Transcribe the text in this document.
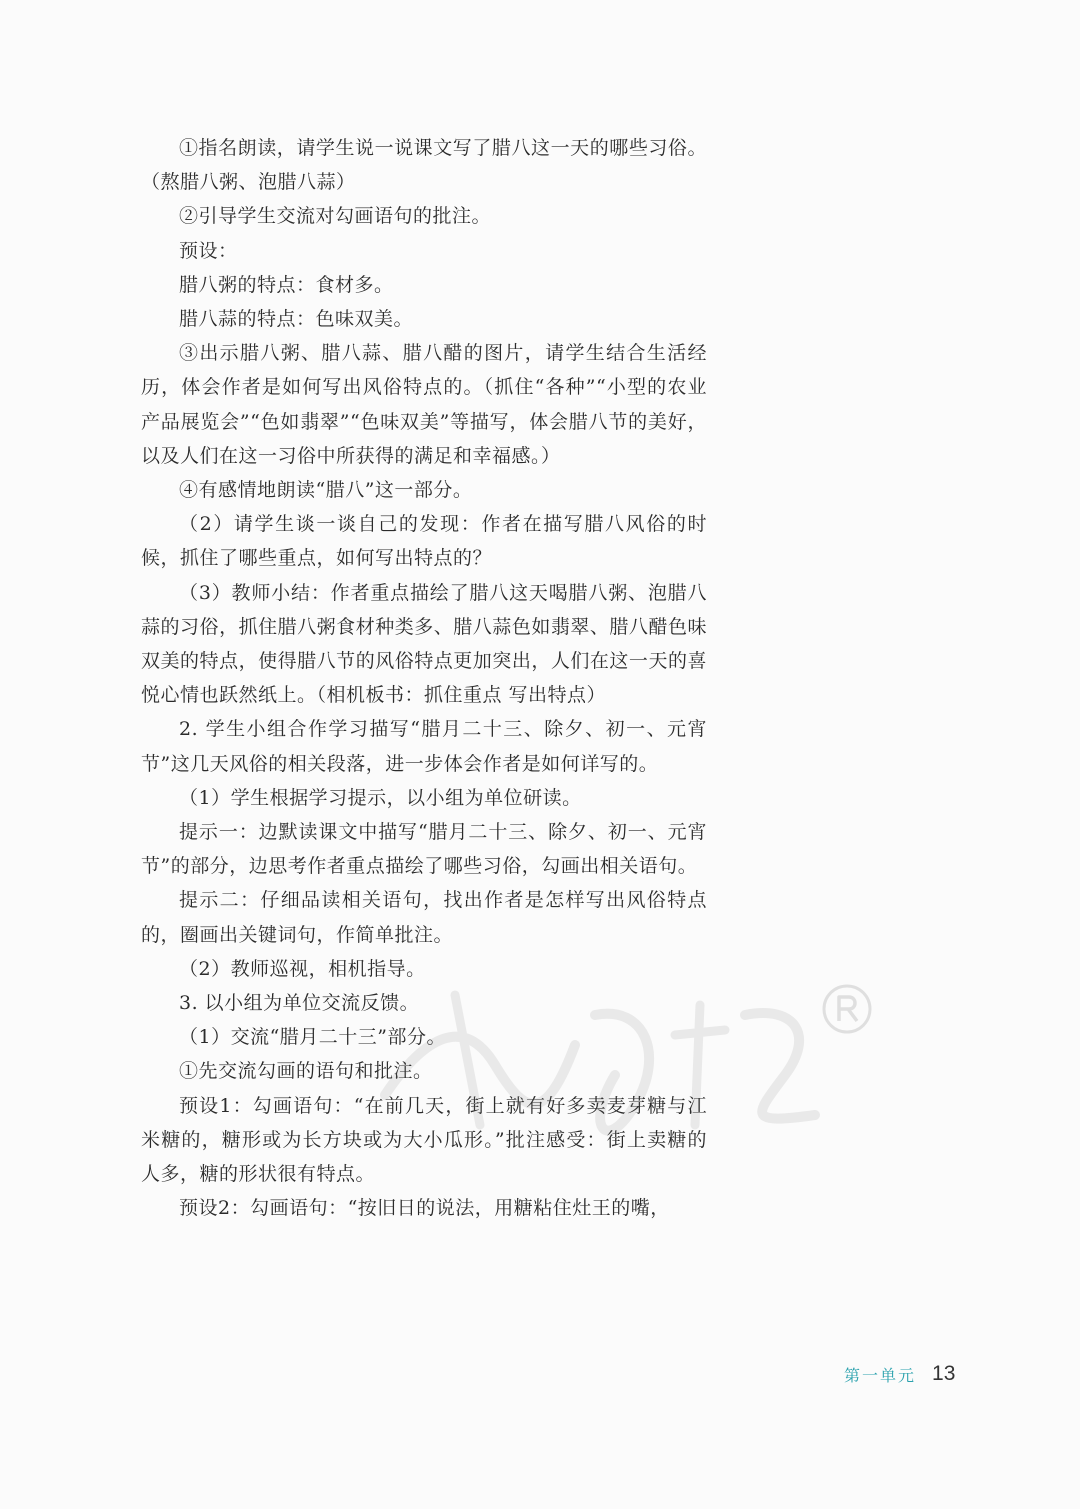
①指名朗读，请学生说一说课文写了腊八这一天的哪些习俗。（熬腊八粥、泡腊八蒜）

②引导学生交流对勾画语句的批注。

预设：

腊八粥的特点：食材多。

腊八蒜的特点：色味双美。

③出示腊八粥、腊八蒜、腊八醋的图片，请学生结合生活经历，体会作者是如何写出风俗特点的。（抓住“各种”“小型的农业产品展览会”“色如翡翠”“色味双美”等描写，体会腊八节的美好，以及人们在这一习俗中所获得的满足和幸福感。）

④有感情地朗读“腊八”这一部分。

（2）请学生谈一谈自己的发现：作者在描写腊八风俗的时候，抓住了哪些重点，如何写出特点的？

（3）教师小结：作者重点描绘了腊八这天喝腊八粥、泡腊八蒜的习俗，抓住腊八粥食材种类多、腊八蒜色如翡翠、腊八醋色味双美的特点，使得腊八节的风俗特点更加突出，人们在这一天的喜悦心情也跃然纸上。（相机板书：抓住重点 写出特点）

2. 学生小组合作学习描写“腊月二十三、除夕、初一、元宵节”这几天风俗的相关段落，进一步体会作者是如何详写的。

（1）学生根据学习提示，以小组为单位研读。

提示一：边默读课文中描写“腊月二十三、除夕、初一、元宵节”的部分，边思考作者重点描绘了哪些习俗，勾画出相关语句。

提示二：仔细品读相关语句，找出作者是怎样写出风俗特点的，圈画出关键词句，作简单批注。

（2）教师巡视，相机指导。

3. 以小组为单位交流反馈。

（1）交流“腊月二十三”部分。

①先交流勾画的语句和批注。

预设1：勾画语句：“在前几天，街上就有好多卖麦芽糖与江米糖的，糖形或为长方块或为大小瓜形。”批注感受：街上卖糖的人多，糖的形状很有特点。

预设2：勾画语句：“按旧日的说法，用糖粘住灶王的嘴，

第一单元 13
